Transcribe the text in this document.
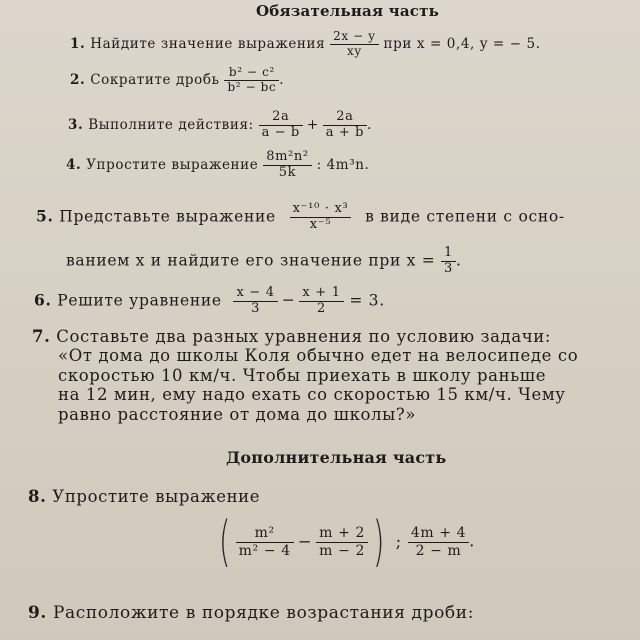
Обязательная часть
1. Найдите значение выражения $\frac{2x - y}{xy}$ при x = 0,4, y = − 5.
2. Сократите дробь $\frac{\text{b² − c²}}{\text{b² − bc}}$ .
3. Выполните действия: $\frac{2a}{a - b} + \frac{2a}{a + b}$ .
4. Упростите выражение $\frac{\text{8m²n²}}{5k}$ : 4m³n.
5. Представьте выражение $\frac{\text{x⁻¹⁰ · x³}}{\text{x⁻⁵}}$ в виде степени с осно-
ванием x и найдите его значение при $x = \frac{1}{3}$ .
6. Решите уравнение $\frac{x - 4}{3} - \frac{x + 1}{2} = 3$.
7. Составьте два разных уравнения по условию задачи:
«От дома до школы Коля обычно едет на велосипеде со
скоростью 10 км/ч. Чтобы приехать в школу раньше
на 12 мин, ему надо ехать со скоростью 15 км/ч. Чему
равно расстояние от дома до школы?»
Дополнительная часть
8. Упростите выражение
( $\frac{\text{m²}}{\text{m² − 4}} - \frac{m + 2}{m - 2}$ ) ; $\frac{4m + 4}{2 - m}$ .
9. Расположите в порядке возрастания дроби:
